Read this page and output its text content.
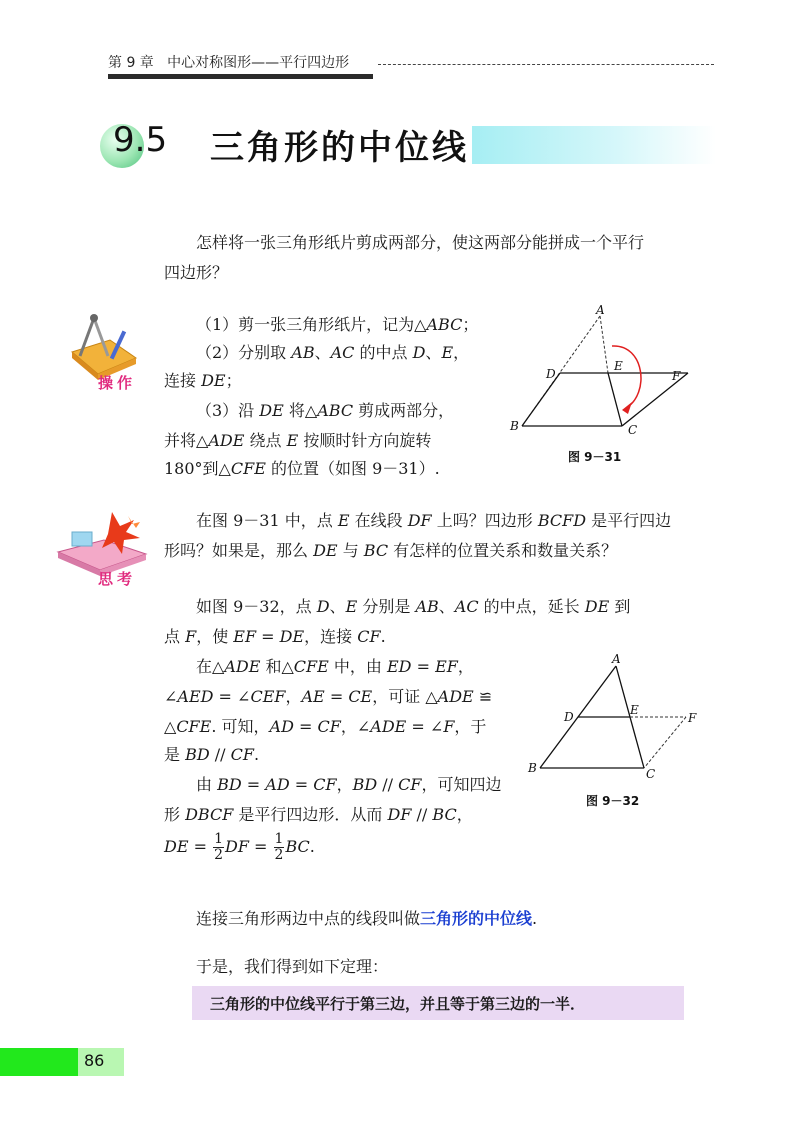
第 9 章 中心对称图形——平行四边形
9.5 三角形的中位线
怎样将一张三角形纸片剪成两部分，使这两部分能拼成一个平行
四边形？
操作
（1）剪一张三角形纸片，记为△ABC；
（2）分别取 AB、AC 的中点 D、E，
连接 DE；
（3）沿 DE 将△ABC 剪成两部分，
并将△ADE 绕点 E 按顺时针方向旋转
180°到△CFE 的位置（如图 9－31）.
A
B	C
D
E
F
图 9－31
思考
在图 9－31 中，点 E 在线段 DF 上吗？四边形 BCFD 是平行四边
形吗？如果是，那么 DE 与 BC 有怎样的位置关系和数量关系？
如图 9－32，点 D、E 分别是 AB、AC 的中点，延长 DE 到
点 F，使 EF = DE，连接 CF.
在△ADE 和△CFE 中，由 ED = EF，
∠AED = ∠CEF，AE = CE，可证 △ADE ≌
△CFE. 可知，AD = CF，∠ADE = ∠F，于
是 BD // CF.
由 BD = AD = CF，BD // CF，可知四边
形 DBCF 是平行四边形．从而 DF // BC，
DE = $\frac{1}{2}$ DF = $\frac{1}{2}$ BC.
A
B	C
D	E
F
图 9－32
连接三角形两边中点的线段叫做三角形的中位线.
于是，我们得到如下定理：
三角形的中位线平行于第三边，并且等于第三边的一半．
86
